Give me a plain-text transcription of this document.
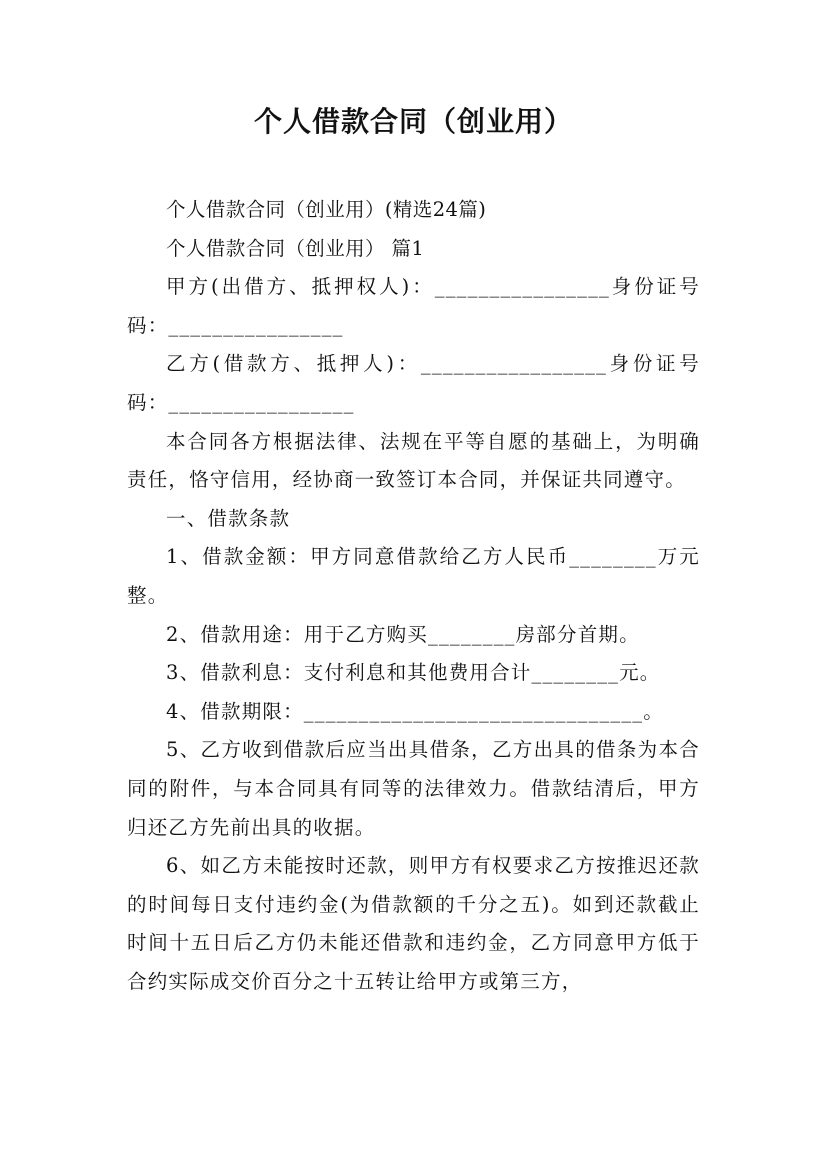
个人借款合同（创业用）

个人借款合同（创业用）(精选24篇)

个人借款合同（创业用） 篇1

甲方(出借方、抵押权人)：________________身份证号码：________________

乙方(借款方、抵押人)：_________________身份证号码：_________________

本合同各方根据法律、法规在平等自愿的基础上，为明确责任，恪守信用，经协商一致签订本合同，并保证共同遵守。

一、借款条款

1、借款金额：甲方同意借款给乙方人民币________万元整。

2、借款用途：用于乙方购买________房部分首期。

3、借款利息：支付利息和其他费用合计________元。

4、借款期限：_______________________________。

5、乙方收到借款后应当出具借条，乙方出具的借条为本合同的附件，与本合同具有同等的法律效力。借款结清后，甲方归还乙方先前出具的收据。

6、如乙方未能按时还款，则甲方有权要求乙方按推迟还款的时间每日支付违约金(为借款额的千分之五)。如到还款截止时间十五日后乙方仍未能还借款和违约金，乙方同意甲方低于合约实际成交价百分之十五转让给甲方或第三方，
